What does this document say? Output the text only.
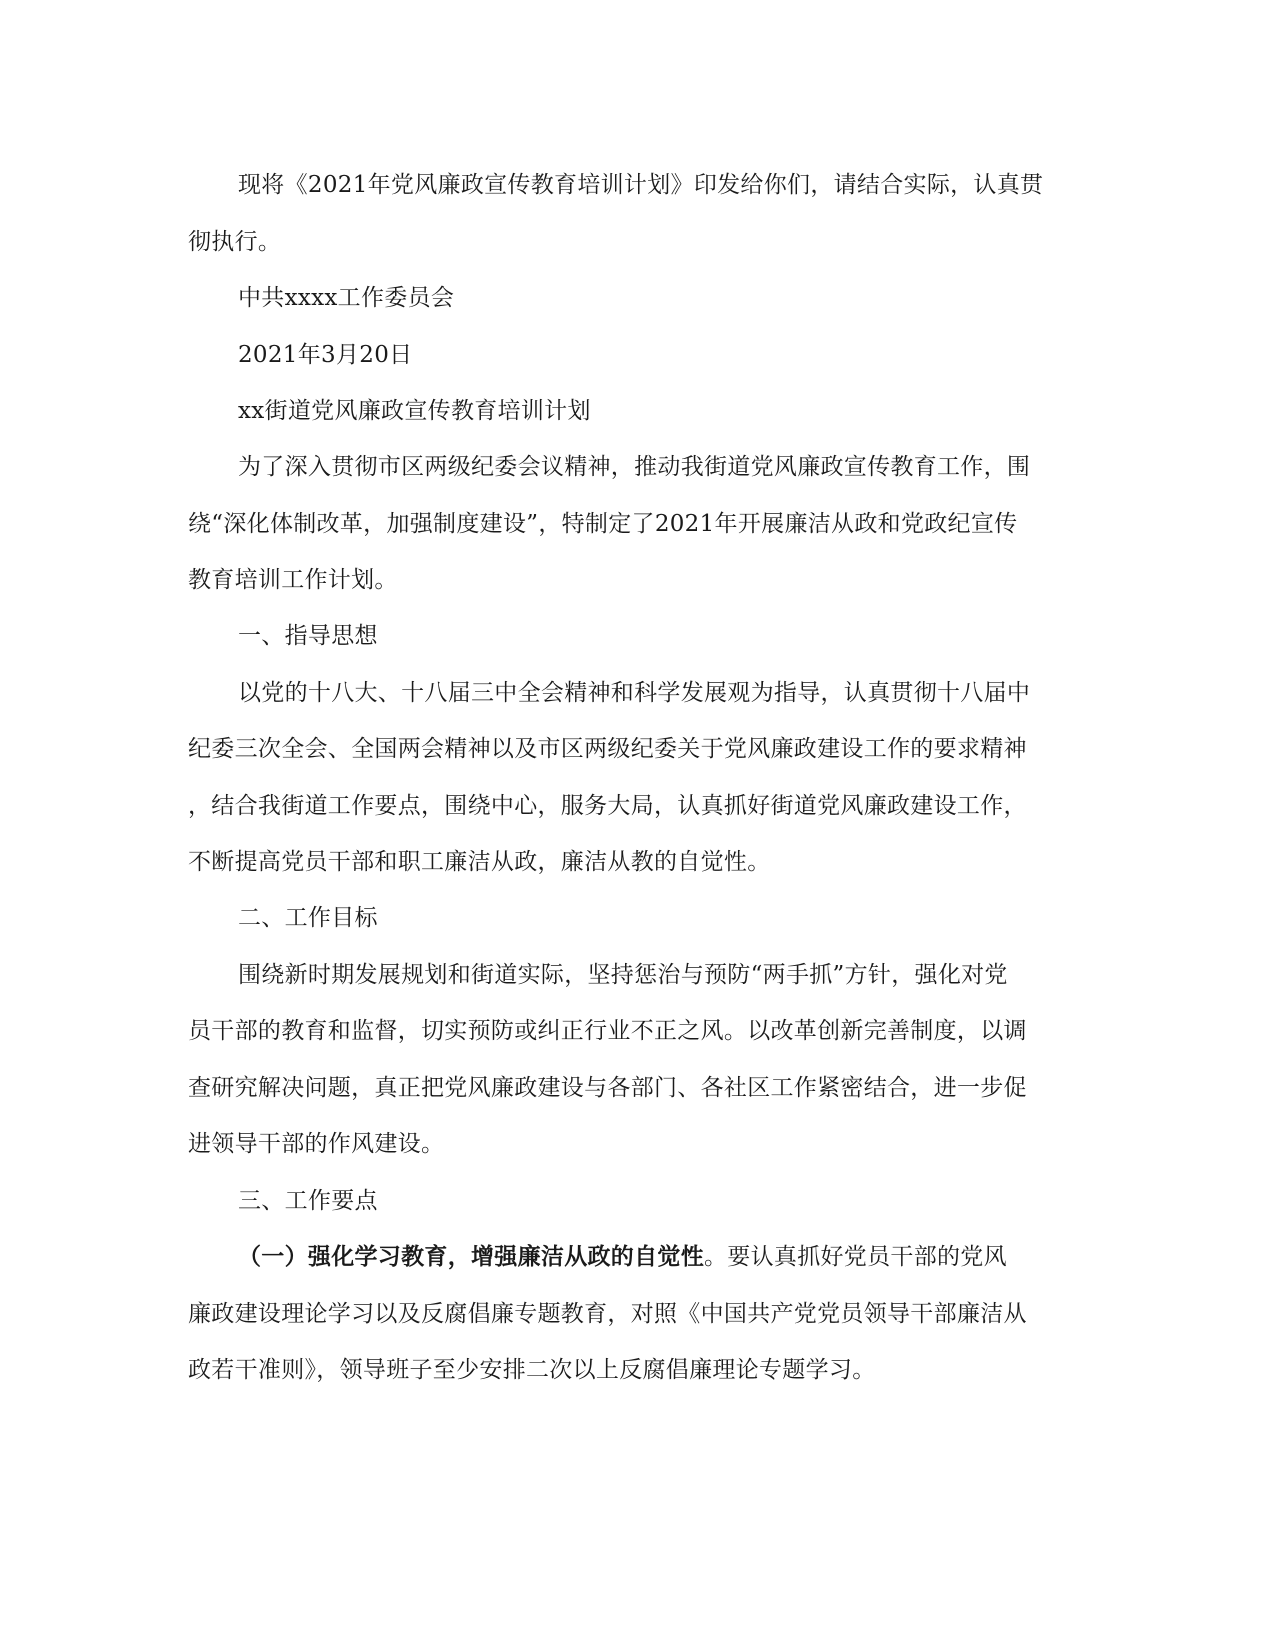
现将《2021年党风廉政宣传教育培训计划》印发给你们，请结合实际，认真贯
彻执行。
中共xxxx工作委员会
2021年3月20日
xx街道党风廉政宣传教育培训计划
为了深入贯彻市区两级纪委会议精神，推动我街道党风廉政宣传教育工作，围
绕“深化体制改革，加强制度建设”，特制定了2021年开展廉洁从政和党政纪宣传
教育培训工作计划。
一、指导思想
以党的十八大、十八届三中全会精神和科学发展观为指导，认真贯彻十八届中
纪委三次全会、全国两会精神以及市区两级纪委关于党风廉政建设工作的要求精神
，结合我街道工作要点，围绕中心，服务大局，认真抓好街道党风廉政建设工作，
不断提高党员干部和职工廉洁从政，廉洁从教的自觉性。
二、工作目标
围绕新时期发展规划和街道实际，坚持惩治与预防“两手抓”方针，强化对党
员干部的教育和监督，切实预防或纠正行业不正之风。以改革创新完善制度，以调
查研究解决问题，真正把党风廉政建设与各部门、各社区工作紧密结合，进一步促
进领导干部的作风建设。
三、工作要点
（一）强化学习教育，增强廉洁从政的自觉性。要认真抓好党员干部的党风
廉政建设理论学习以及反腐倡廉专题教育，对照《中国共产党党员领导干部廉洁从
政若干准则》，领导班子至少安排二次以上反腐倡廉理论专题学习。
